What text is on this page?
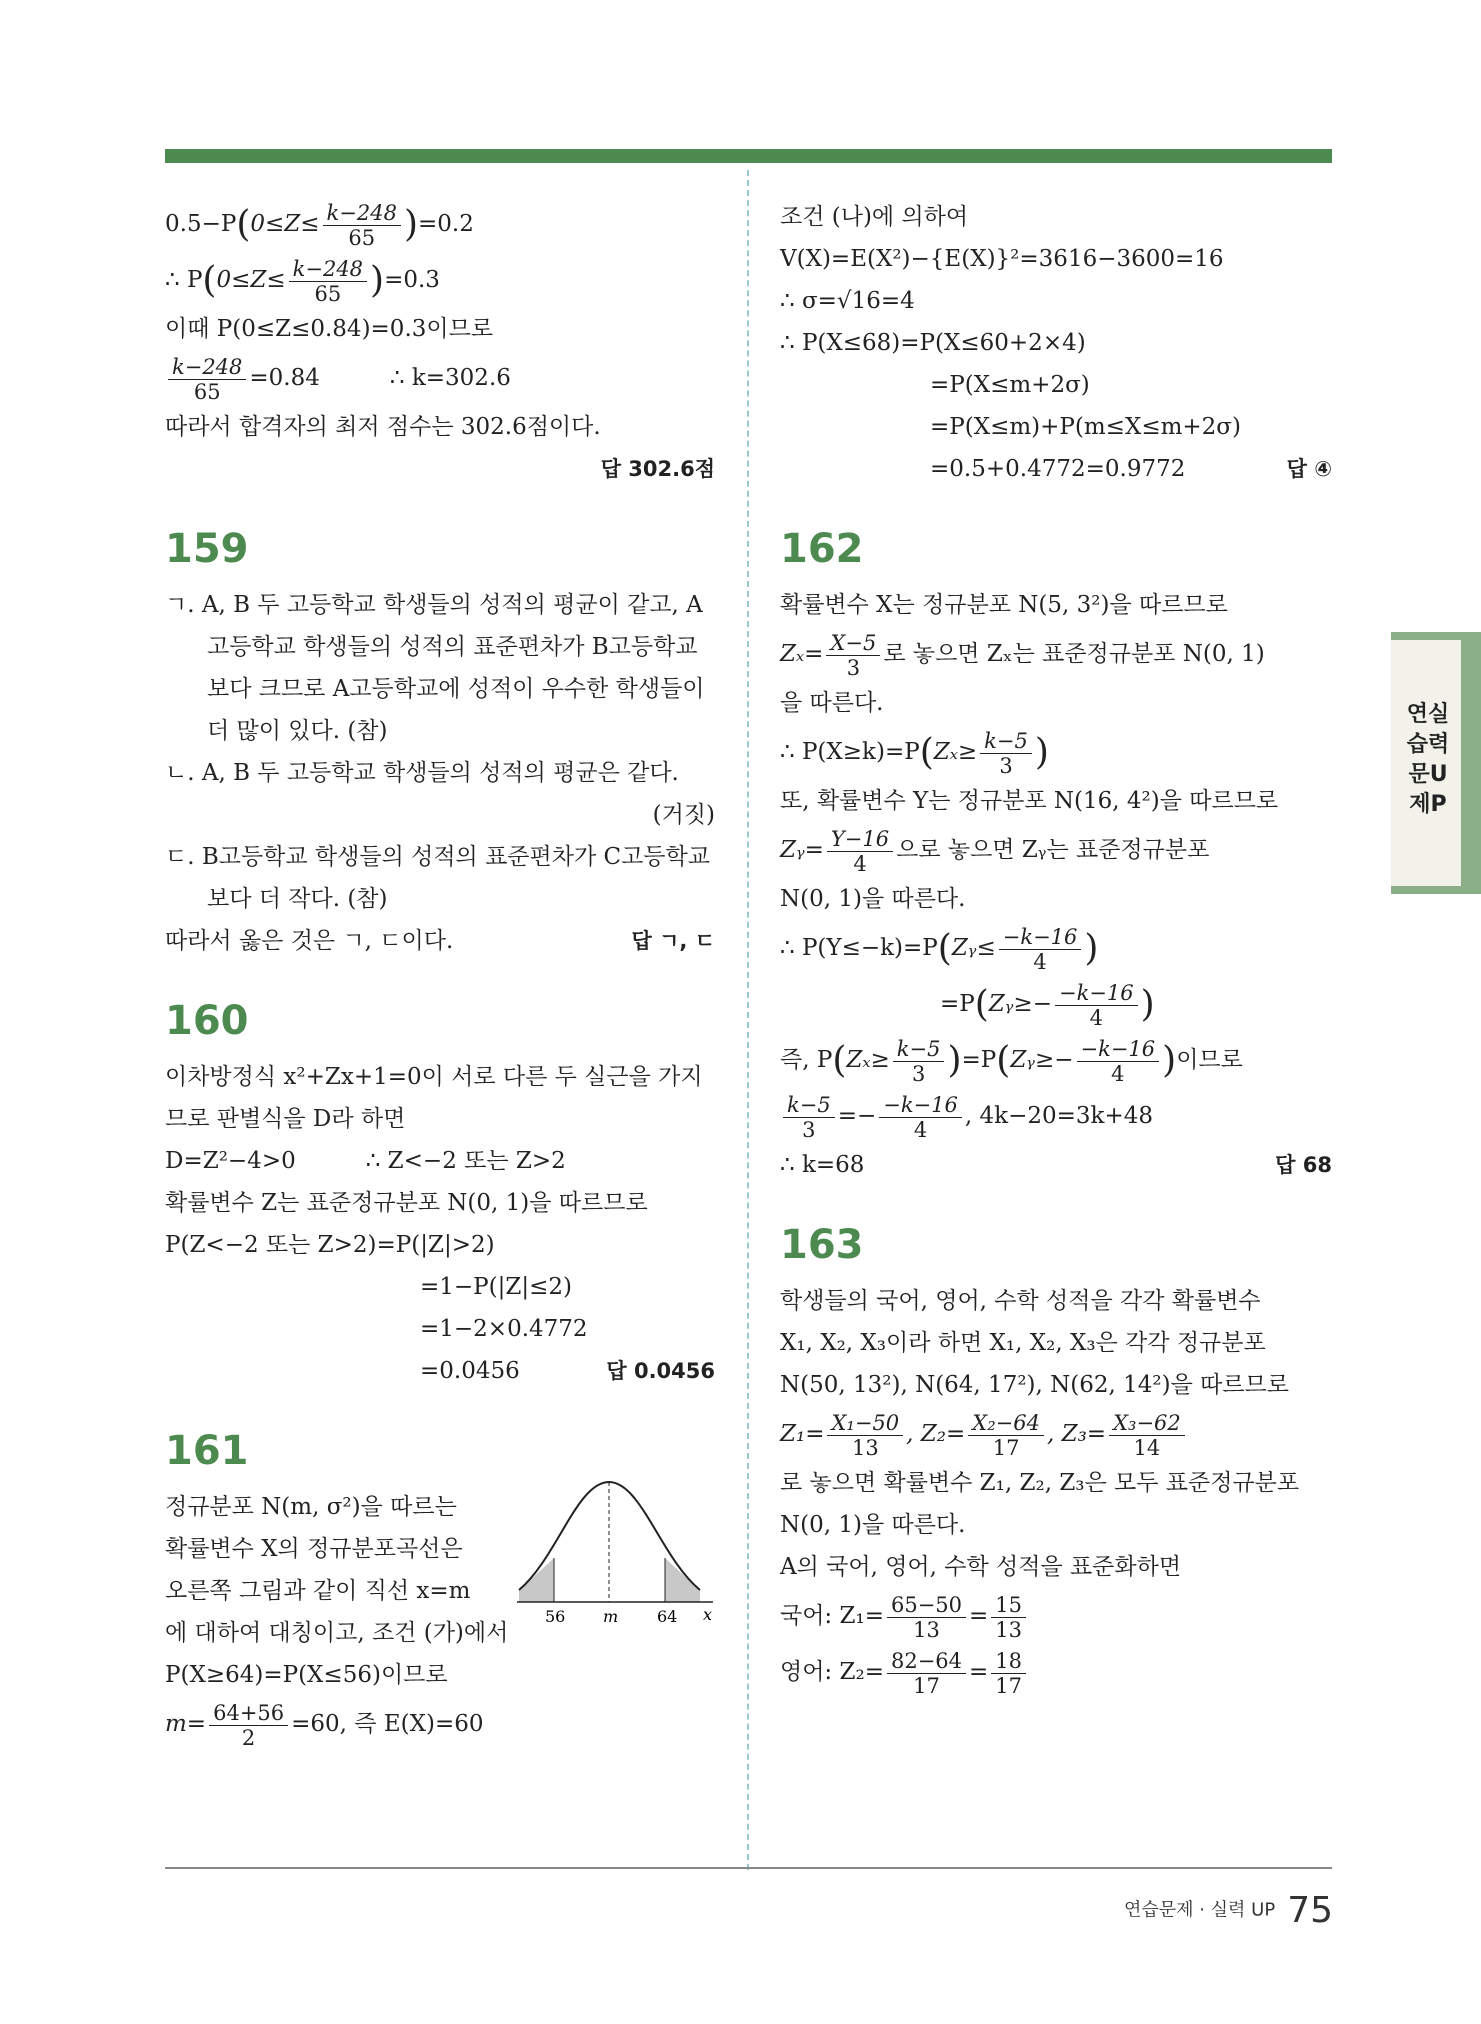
$0.5-P(0\le Z\le \frac{k-248}{65} )=0.2$
∴ $P(0\le Z\le \frac{k-248}{65} )=0.3$
이때 P(0≤Z≤0.84)=0.3이므로
$\frac{k-248}{65} =0.84$	∴ k=302.6
따라서 합격자의 최저 점수는 302.6점이다.
답 302.6점
159
ㄱ. A, B 두 고등학교 학생들의 성적의 평균이 같고, A고등학교 학생들의 성적의 표준편차가 B고등학교보다 크므로 A고등학교에 성적이 우수한 학생들이 더 많이 있다. (참)
ㄴ. A, B 두 고등학교 학생들의 성적의 평균은 같다.
(거짓)
ㄷ. B고등학교 학생들의 성적의 표준편차가 C고등학교보다 더 작다. (참)
따라서 옳은 것은 ㄱ, ㄷ이다.	답 ㄱ, ㄷ
160
이차방정식 x²+Zx+1=0이 서로 다른 두 실근을 가지므로 판별식을 D라 하면
D=Z²−4>0	∴ Z<−2 또는 Z>2
확률변수 Z는 표준정규분포 N(0, 1)을 따르므로
P(Z<−2 또는 Z>2)=P(|Z|>2)
=1−P(|Z|≤2)
=1−2×0.4772
=0.0456	답 0.0456
161
정규분포 N(m, σ²)을 따르는
확률변수 X의 정규분포곡선은
오른쪽 그림과 같이 직선 x=m
에 대하여 대칭이고, 조건 (가)에서
P(X≥64)=P(X≤56)이므로
$m= \frac{64+56}{2} =60$, 즉 E(X)=60
56 m 64 x
조건 (나)에 의하여
V(X)=E(X²)−{E(X)}²=3616−3600=16
∴ σ=√16=4
∴ P(X≤68)=P(X≤60+2×4)
=P(X≤m+2σ)
=P(X≤m)+P(m≤X≤m+2σ)
=0.5+0.4772=0.9772	답 ④
162
확률변수 X는 정규분포 N(5, 3²)을 따르므로
$Z_x= \frac{X-5}{3}$ 로 놓으면 Zₓ는 표준정규분포 N(0, 1)
을 따른다.
∴ $P(X\ge k)=P(Z_x\ge \frac{k-5}{3}$ )
또, 확률변수 Y는 정규분포 N(16, 4²)을 따르므로
Zᵧ= $\frac{Y-16}{4}$ 으로 놓으면 Zᵧ는 표준정규분포
N(0, 1)을 따른다.
∴ P(Y≤−k)=P(Zᵧ≤ $\frac{-k-16}{4}$ )
=P(Zᵧ≥− $\frac{-k-16}{4}$ )
즉, $P(Z_x\ge \frac{k-5}{3}$ )=P(Zᵧ≥− $\frac{-k-16}{4}$ )이므로
$\frac{k-5}{3} =- \frac{-k-16}{4}$ , 4k−20=3k+48
∴ k=68	답 68
163
학생들의 국어, 영어, 수학 성적을 각각 확률변수
X₁, X₂, X₃이라 하면 X₁, X₂, X₃은 각각 정규분포
N(50, 13²), N(64, 17²), N(62, 14²)을 따르므로
$Z_1= \frac{\text{X₁−50}}{13}$ , $Z_2= \frac{\text{X₂−64}}{17}$ , $Z_3= \frac{\text{X₃−62}}{14}$
로 놓으면 확률변수 Z₁, Z₂, Z₃은 모두 표준정규분포
N(0, 1)을 따른다.
A의 국어, 영어, 수학 성적을 표준화하면
국어: $Z_1= \frac{65-50}{13} = \frac{15}{13}$
영어: $Z_2= \frac{82-64}{17} = \frac{18}{17}$
연실
습력
문U
제P
연습문제 · 실력 UP 75
